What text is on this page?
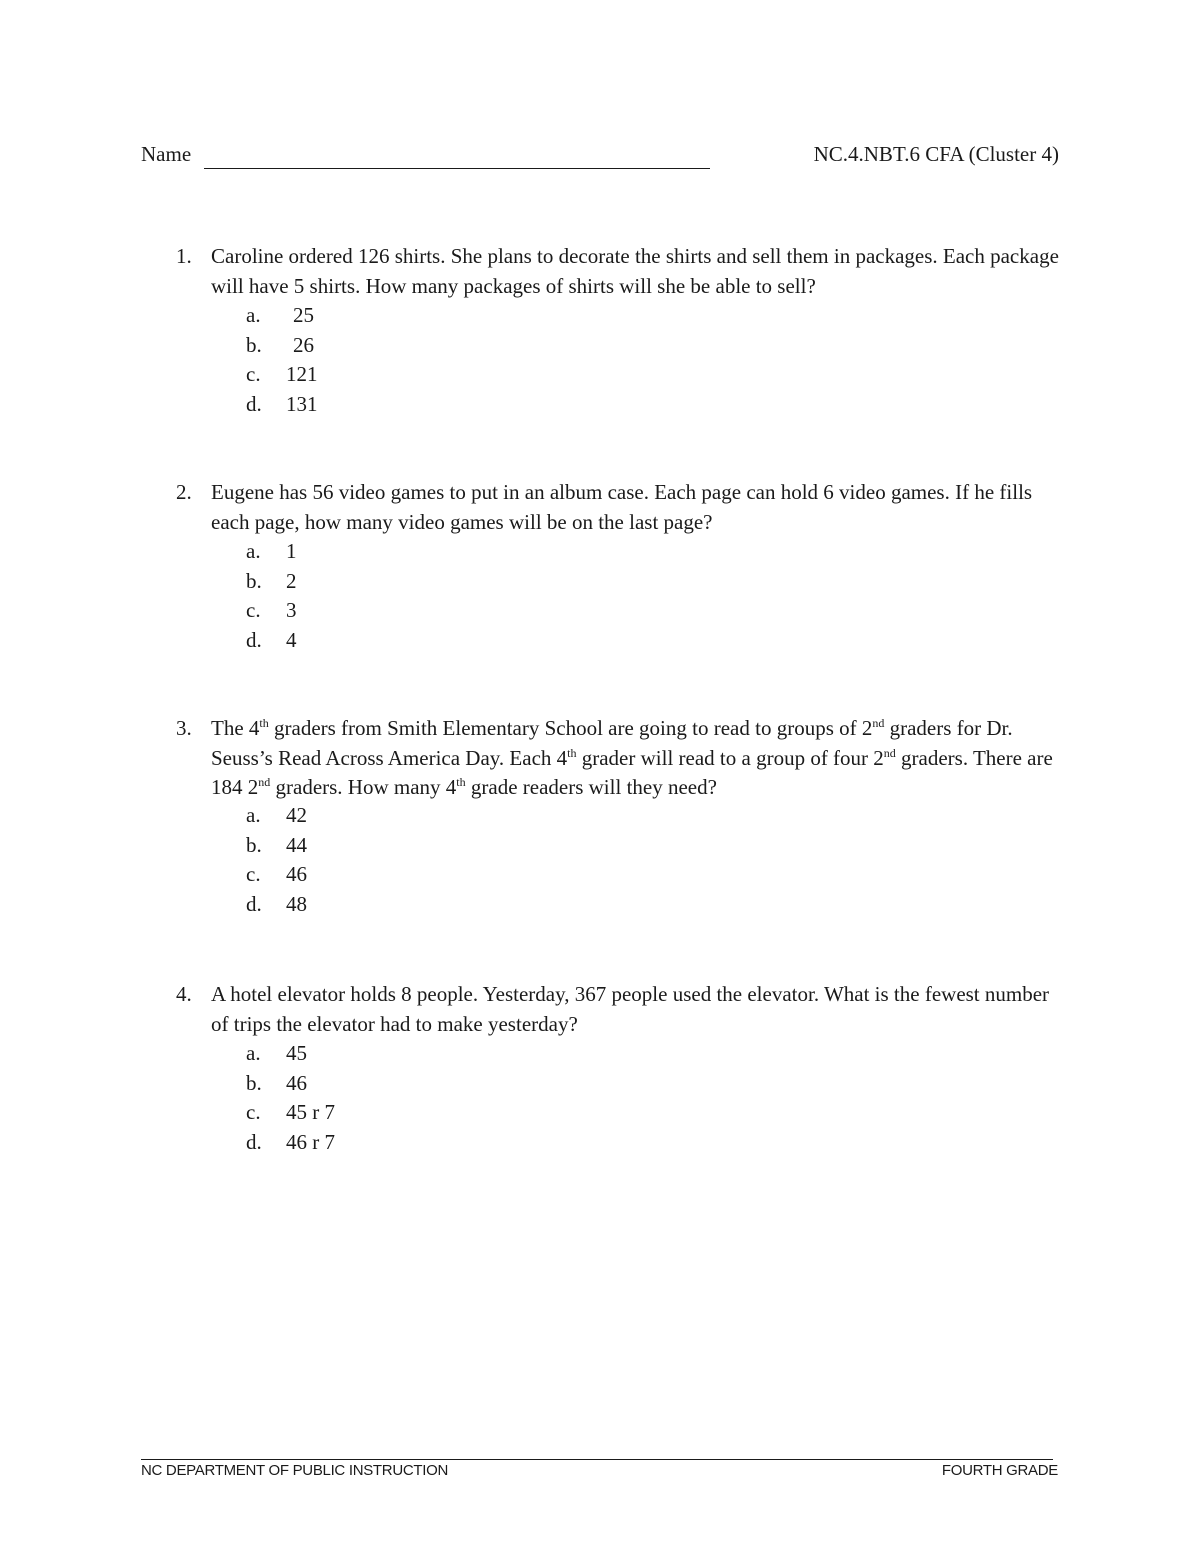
Name	NC.4.NBT.6 CFA (Cluster 4)
1. Caroline ordered 126 shirts. She plans to decorate the shirts and sell them in packages. Each package will have 5 shirts. How many packages of shirts will she be able to sell?
a. 25
b. 26
c. 121
d. 131
2. Eugene has 56 video games to put in an album case. Each page can hold 6 video games. If he fills each page, how many video games will be on the last page?
a. 1
b. 2
c. 3
d. 4
3. The 4th graders from Smith Elementary School are going to read to groups of 2nd graders for Dr. Seuss’s Read Across America Day. Each 4th grader will read to a group of four 2nd graders. There are 184 2nd graders. How many 4th grade readers will they need?
a. 42
b. 44
c. 46
d. 48
4. A hotel elevator holds 8 people. Yesterday, 367 people used the elevator. What is the fewest number of trips the elevator had to make yesterday?
a. 45
b. 46
c. 45 r 7
d. 46 r 7
NC DEPARTMENT OF PUBLIC INSTRUCTION	FOURTH GRADE
